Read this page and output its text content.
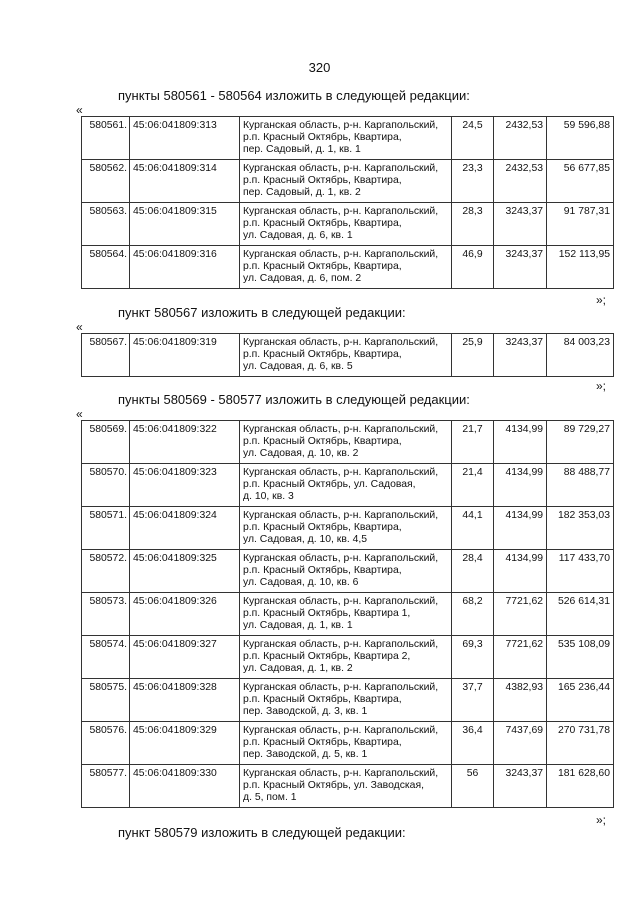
320
пункты 580561 - 580564 изложить в следующей редакции:
«
580561.	45:06:041809:313	Курганская область, р-н. Каргапольский,
р.п. Красный Октябрь, Квартира,
пер. Садовый, д. 1, кв. 1	24,5	2432,53	59 596,88
580562.	45:06:041809:314	Курганская область, р-н. Каргапольский,
р.п. Красный Октябрь, Квартира,
пер. Садовый, д. 1, кв. 2	23,3	2432,53	56 677,85
580563.	45:06:041809:315	Курганская область, р-н. Каргапольский,
р.п. Красный Октябрь, Квартира,
ул. Садовая, д. 6, кв. 1	28,3	3243,37	91 787,31
580564.	45:06:041809:316	Курганская область, р-н. Каргапольский,
р.п. Красный Октябрь, Квартира,
ул. Садовая, д. 6, пом. 2	46,9	3243,37	152 113,95
»;
пункт 580567 изложить в следующей редакции:
«
580567.	45:06:041809:319	Курганская область, р-н. Каргапольский,
р.п. Красный Октябрь, Квартира,
ул. Садовая, д. 6, кв. 5
	25,9	3243,37	84 003,23
»;
пункты 580569 - 580577 изложить в следующей редакции:
«
580569.	45:06:041809:322	Курганская область, р-н. Каргапольский,
р.п. Красный Октябрь, Квартира,
ул. Садовая, д. 10, кв. 2	21,7	4134,99	89 729,27
580570.	45:06:041809:323	Курганская область, р-н. Каргапольский,
р.п. Красный Октябрь, ул. Садовая,
д. 10, кв. 3	21,4	4134,99	88 488,77
580571.	45:06:041809:324	Курганская область, р-н. Каргапольский,
р.п. Красный Октябрь, Квартира,
ул. Садовая, д. 10, кв. 4,5	44,1	4134,99	182 353,03
580572.	45:06:041809:325	Курганская область, р-н. Каргапольский,
р.п. Красный Октябрь, Квартира,
ул. Садовая, д. 10, кв. 6	28,4	4134,99	117 433,70
580573.	45:06:041809:326	Курганская область, р-н. Каргапольский,
р.п. Красный Октябрь, Квартира 1,
ул. Садовая, д. 1, кв. 1	68,2	7721,62	526 614,31
580574.	45:06:041809:327	Курганская область, р-н. Каргапольский,
р.п. Красный Октябрь, Квартира 2,
ул. Садовая, д. 1, кв. 2	69,3	7721,62	535 108,09
580575.	45:06:041809:328	Курганская область, р-н. Каргапольский,
р.п. Красный Октябрь, Квартира,
пер. Заводской, д. 3, кв. 1	37,7	4382,93	165 236,44
580576.	45:06:041809:329	Курганская область, р-н. Каргапольский,
р.п. Красный Октябрь, Квартира,
пер. Заводской, д. 5, кв. 1	36,4	7437,69	270 731,78
580577.	45:06:041809:330	Курганская область, р-н. Каргапольский,
р.п. Красный Октябрь, ул. Заводская,
д. 5, пом. 1	56	3243,37	181 628,60
»;
пункт 580579 изложить в следующей редакции:
